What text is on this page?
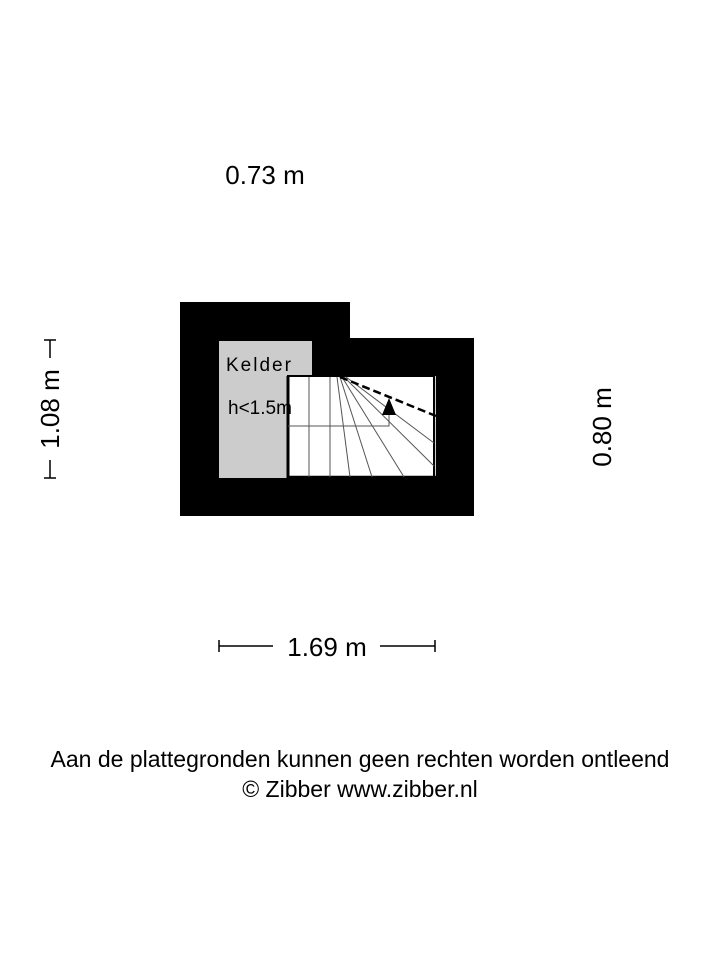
Kelder
h<1.5m
0.73 m
1.69 m
1.08 m	0.80 m
Aan de plattegronden kunnen geen rechten worden ontleend
© Zibber www.zibber.nl
